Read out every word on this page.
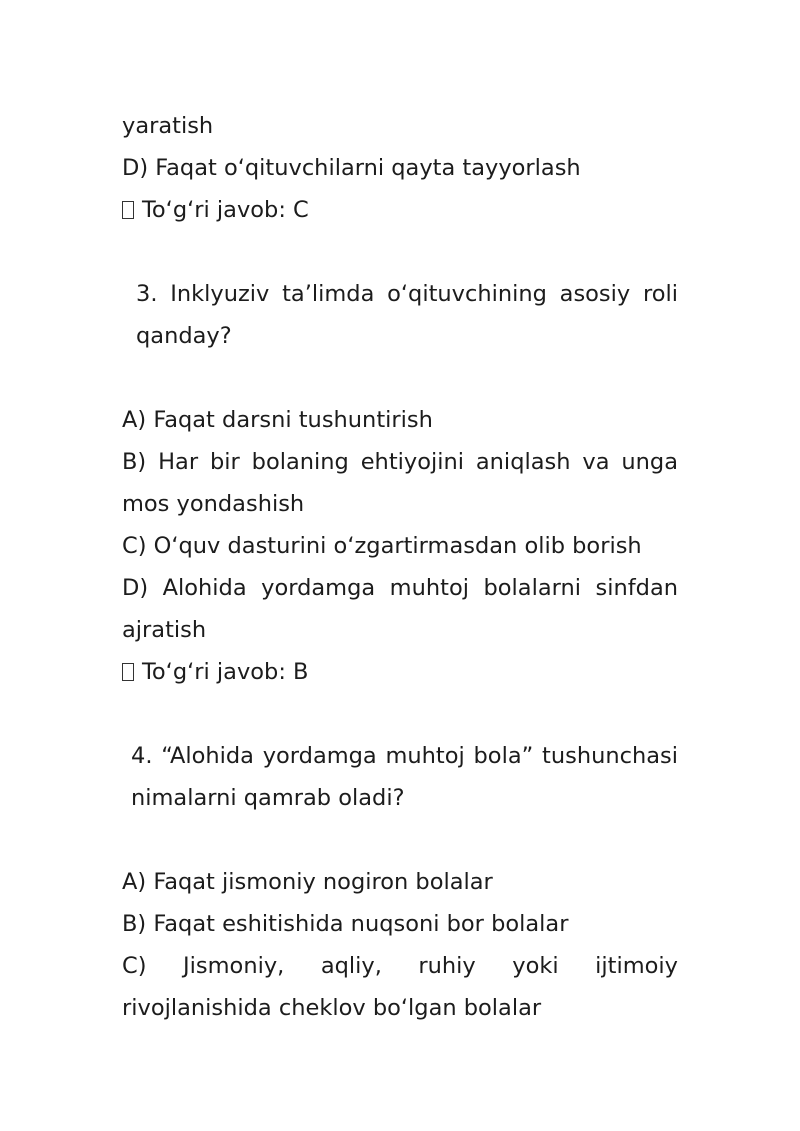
yaratish
D) Faqat o‘qituvchilarni qayta tayyorlash
To‘g‘ri javob: C
3. Inklyuziv ta’limda o‘qituvchining asosiy roli qanday?
A) Faqat darsni tushuntirish
B) Har bir bolaning ehtiyojini aniqlash va unga mos yondashish
C) O‘quv dasturini o‘zgartirmasdan olib borish
D) Alohida yordamga muhtoj bolalarni sinfdan ajratish
To‘g‘ri javob: B
4. “Alohida yordamga muhtoj bola” tushunchasi nimalarni qamrab oladi?
A) Faqat jismoniy nogiron bolalar
B) Faqat eshitishida nuqsoni bor bolalar
C) Jismoniy, aqliy, ruhiy yoki ijtimoiy rivojlanishida cheklov bo‘lgan bolalar
